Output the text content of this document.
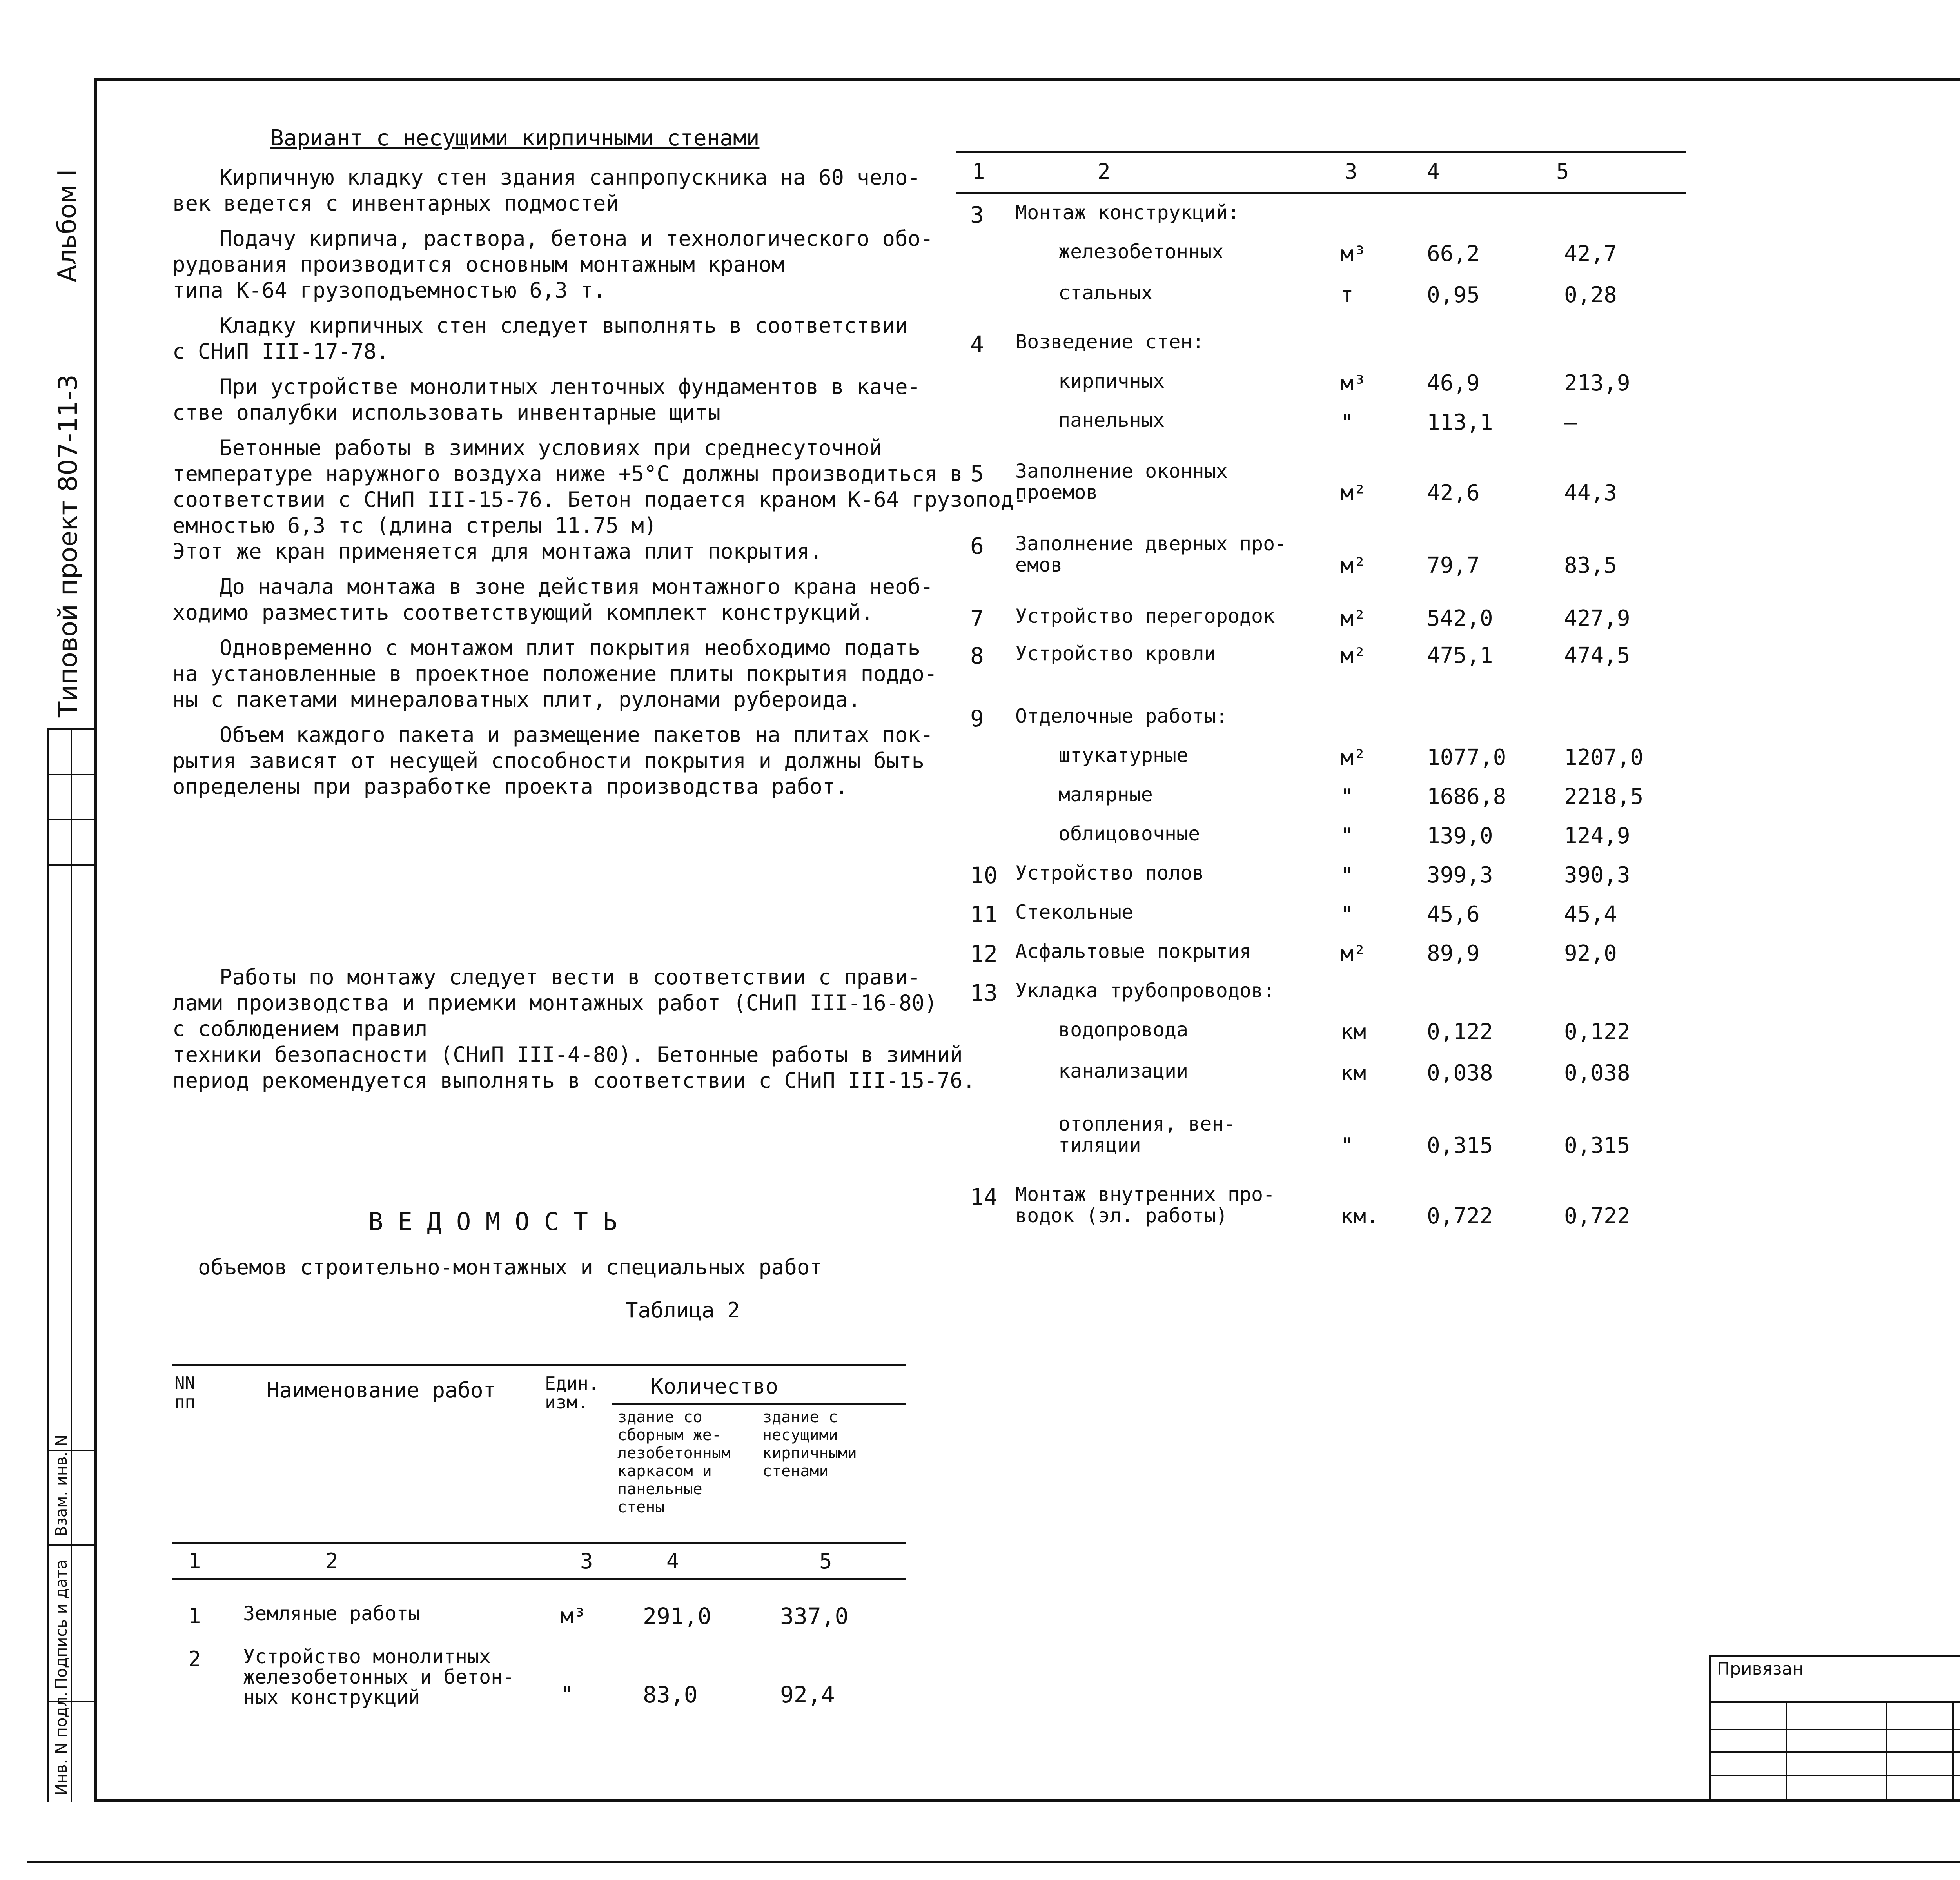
Альбом I
Типовой проект 807-11-3
Взам. инв. N
Подпись и дата
Инв. N подл.
Вариант с несущими кирпичными стенами
Кирпичную кладку стен здания санпропускника на 60 чело-
век ведется с инвентарных подмостей
Подачу кирпича, раствора, бетона и технологического обо-
рудования производится основным монтажным краном
типа К-64 грузоподъемностью 6,3 т.
Кладку кирпичных стен следует выполнять в соответствии
с СНиП III-17-78.
При устройстве монолитных ленточных фундаментов в каче-
стве опалубки использовать инвентарные щиты
Бетонные работы в зимних условиях при среднесуточной
температуре наружного воздуха ниже +5°С должны производиться в
соответствии с СНиП III-15-76. Бетон подается краном К-64 грузопод-
емностью 6,3 тс (длина стрелы 11.75 м)
Этот же кран применяется для монтажа плит покрытия.
До начала монтажа в зоне действия монтажного крана необ-
ходимо разместить соответствующий комплект конструкций.
Одновременно с монтажом плит покрытия необходимо подать
на установленные в проектное положение плиты покрытия поддо-
ны с пакетами минераловатных плит, рулонами рубероида.
Объем каждого пакета и размещение пакетов на плитах пок-
рытия зависят от несущей способности покрытия и должны быть
определены при разработке проекта производства работ.
Работы по монтажу следует вести в соответствии с прави-
лами производства и приемки монтажных работ (СНиП III-16-80)
с соблюдением правил
техники безопасности (СНиП III-4-80). Бетонные работы в зимний
период рекомендуется выполнять в соответствии с СНиП III-15-76.
В Е Д О М О С Т Ь
объемов строительно-монтажных и специальных работ
Таблица 2
NN пп	Наименование работ	Един. изм.
Количество
здание со
сборным же-
лезобетонным
каркасом и
панельные
стены
здание с
несущими
кирпичными
стенами
1	2	3	4	5
1 Земляные работы	м³ 291,0	337,0
2 Устройство монолитных
железобетонных и бетон-
ных конструкций	"	83,0	92,4
1	2	3	4	5
3 Монтаж конструкций:
железобетонных	м³	66,2	42,7
стальных	т	0,95	0,28
4 Возведение стен:
кирпичных	м³	46,9	213,9
панельных	"	113,1	–
5 Заполнение оконных проемов	м²	42,6	44,3
6 Заполнение дверных про- емов	м²	79,7	83,5
7 Устройство перегородок	м²	542,0	427,9
8 Устройство кровли	м²	475,1	474,5
9 Отделочные работы:
штукатурные	м²	1077,0	1207,0
малярные	"	1686,8	2218,5
облицовочные	"	139,0	124,9
10 Устройство полов	"	399,3	390,3
11 Стекольные	"	45,6	45,4
12 Асфальтовые покрытия	м²	89,9	92,0
13 Укладка трубопроводов:
водопровода	км	0,122	0,122
канализации	км	0,038	0,038
отопления, вен- тиляции	"	0,315	0,315
14 Монтаж внутренних про- водок (эл. работы)	км. 0,722	0,722
Привязан
